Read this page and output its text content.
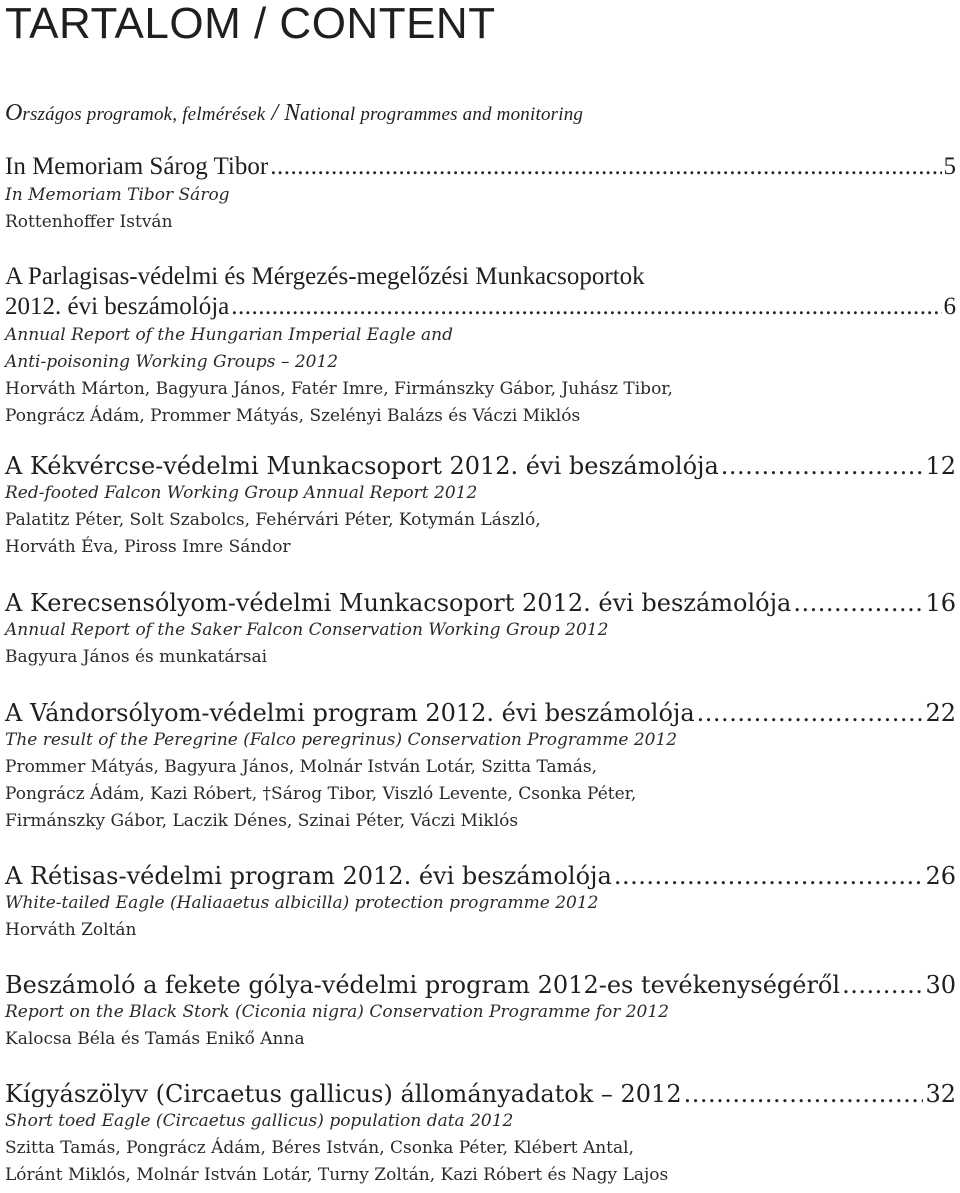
TARTALOM / CONTENT
Országos programok, felmérések / National programmes and monitoring
In Memoriam Sárog Tibor .....	5
In Memoriam Tibor Sárog
Rottenhoffer István
A Parlagisas-védelmi és Mérgezés-megelőzési Munkacsoportok
2012. évi beszámolója .....	6
Annual Report of the Hungarian Imperial Eagle and
Anti-poisoning Working Groups – 2012
Horváth Márton, Bagyura János, Fatér Imre, Firmánszky Gábor, Juhász Tibor,
Pongrácz Ádám, Prommer Mátyás, Szelényi Balázs és Váczi Miklós
A Kékvércse-védelmi Munkacsoport 2012. évi beszámolója .....	12
Red-footed Falcon Working Group Annual Report 2012
Palatitz Péter, Solt Szabolcs, Fehérvári Péter, Kotymán László,
Horváth Éva, Piross Imre Sándor
A Kerecsensólyom-védelmi Munkacsoport 2012. évi beszámolója .....	16
Annual Report of the Saker Falcon Conservation Working Group 2012
Bagyura János és munkatársai
A Vándorsólyom-védelmi program 2012. évi beszámolója .....	22
The result of the Peregrine (Falco peregrinus) Conservation Programme 2012
Prommer Mátyás, Bagyura János, Molnár István Lotár, Szitta Tamás,
Pongrácz Ádám, Kazi Róbert, †Sárog Tibor, Viszló Levente, Csonka Péter,
Firmánszky Gábor, Laczik Dénes, Szinai Péter, Váczi Miklós
A Rétisas-védelmi program 2012. évi beszámolója .....	26
White-tailed Eagle (Haliaaetus albicilla) protection programme 2012
Horváth Zoltán
Beszámoló a fekete gólya-védelmi program 2012-es tevékenységéről .....	30
Report on the Black Stork (Ciconia nigra) Conservation Programme for 2012
Kalocsa Béla és Tamás Enikő Anna
Kígyászölyv (Circaetus gallicus) állományadatok – 2012 .....	32
Short toed Eagle (Circaetus gallicus) population data 2012
Szitta Tamás, Pongrácz Ádám, Béres István, Csonka Péter, Klébert Antal,
Lóránt Miklós, Molnár István Lotár, Turny Zoltán, Kazi Róbert és Nagy Lajos
